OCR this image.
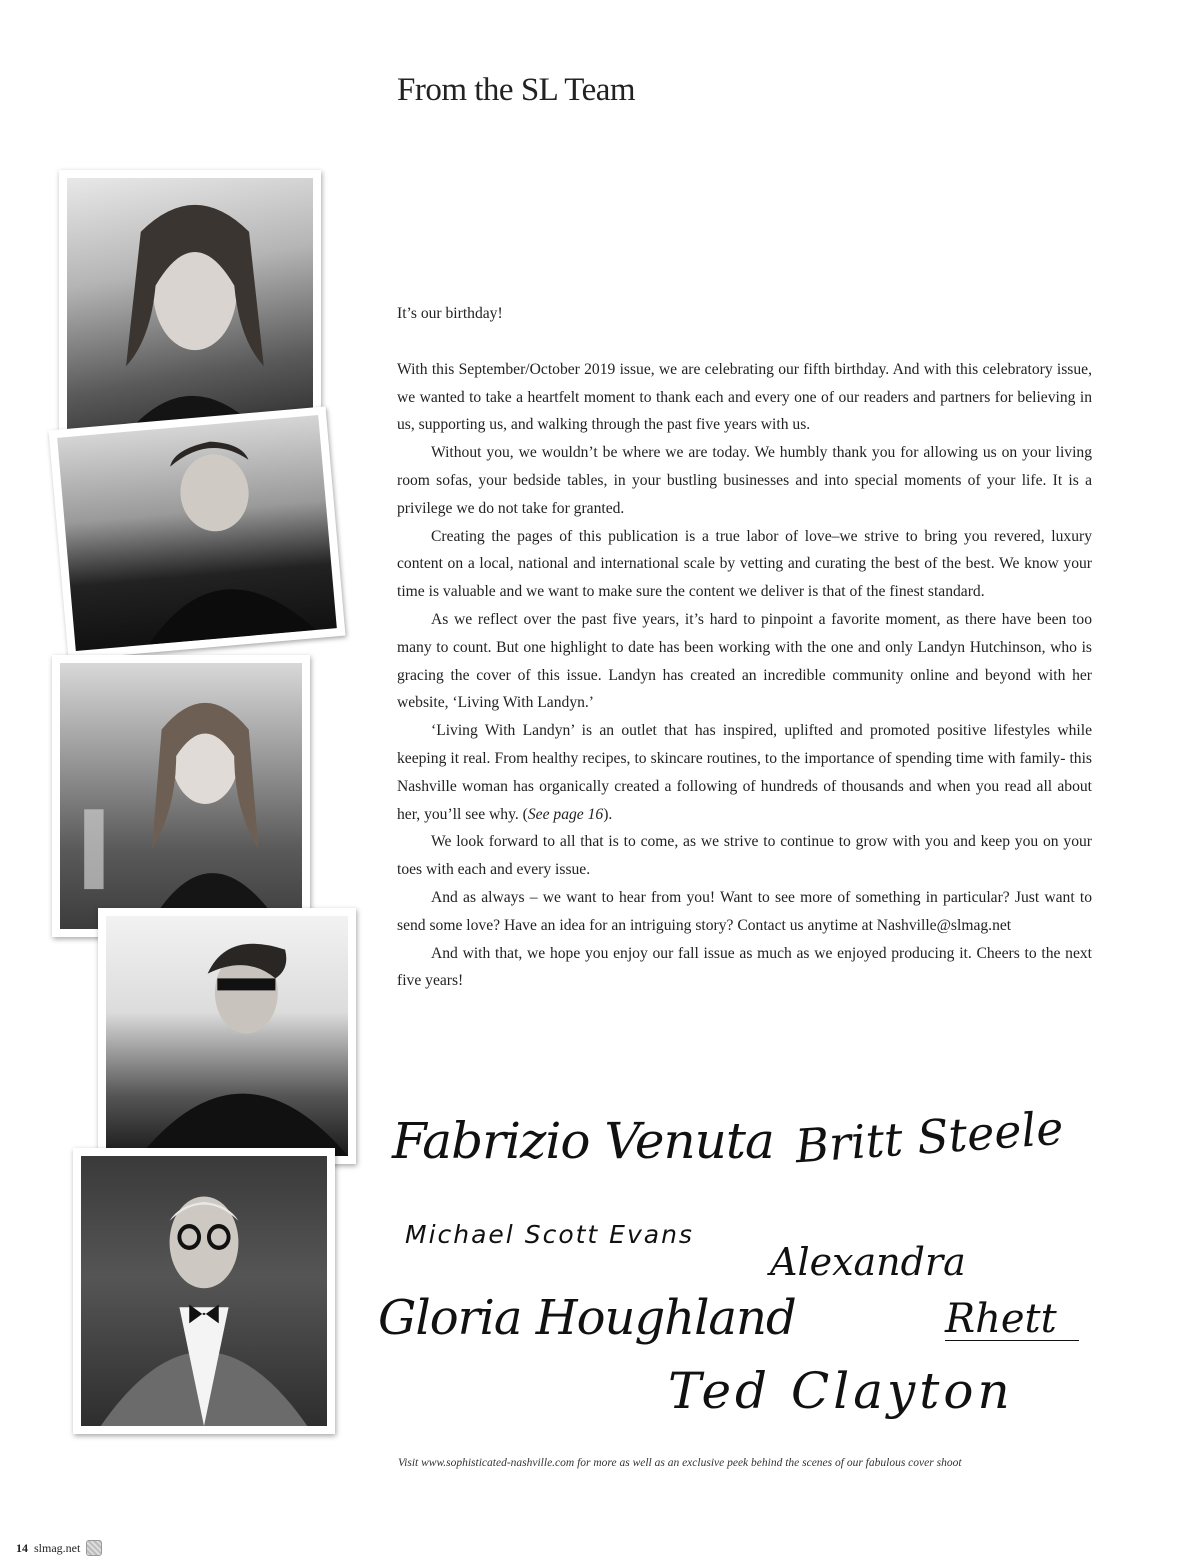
From the SL Team

It’s our birthday!

With this September/October 2019 issue, we are celebrating our fifth birthday. And with this celebratory issue, we wanted to take a heartfelt moment to thank each and every one of our readers and partners for believing in us, supporting us, and walking through the past five years with us.

Without you, we wouldn’t be where we are today. We humbly thank you for allowing us on your living room sofas, your bedside tables, in your bustling businesses and into special moments of your life. It is a privilege we do not take for granted.

Creating the pages of this publication is a true labor of love–we strive to bring you revered, luxury content on a local, national and international scale by vetting and curating the best of the best. We know your time is valuable and we want to make sure the content we deliver is that of the finest standard.

As we reflect over the past five years, it’s hard to pinpoint a favorite moment, as there have been too many to count. But one highlight to date has been working with the one and only Landyn Hutchinson, who is gracing the cover of this issue. Landyn has created an incredible community online and beyond with her website, ‘Living With Landyn.’

‘Living With Landyn’ is an outlet that has inspired, uplifted and promoted positive lifestyles while keeping it real. From healthy recipes, to skincare routines, to the importance of spending time with family- this Nashville woman has organically created a following of hundreds of thousands and when you read all about her, you’ll see why. (See page 16).

We look forward to all that is to come, as we strive to continue to grow with you and keep you on your toes with each and every issue.

And as always – we want to hear from you! Want to see more of something in particular? Just want to send some love? Have an idea for an intriguing story? Contact us anytime at Nashville@slmag.net

And with that, we hope you enjoy our fall issue as much as we enjoyed producing it. Cheers to the next five years!

Fabrizio Venuta Britt Steele
Michael Scott Evans
Alexandra
Rhett
Gloria Houghland
Ted Clayton
Visit www.sophisticated-nashville.com for more as well as an exclusive peek behind the scenes of our fabulous cover shoot
14 slmag.net
